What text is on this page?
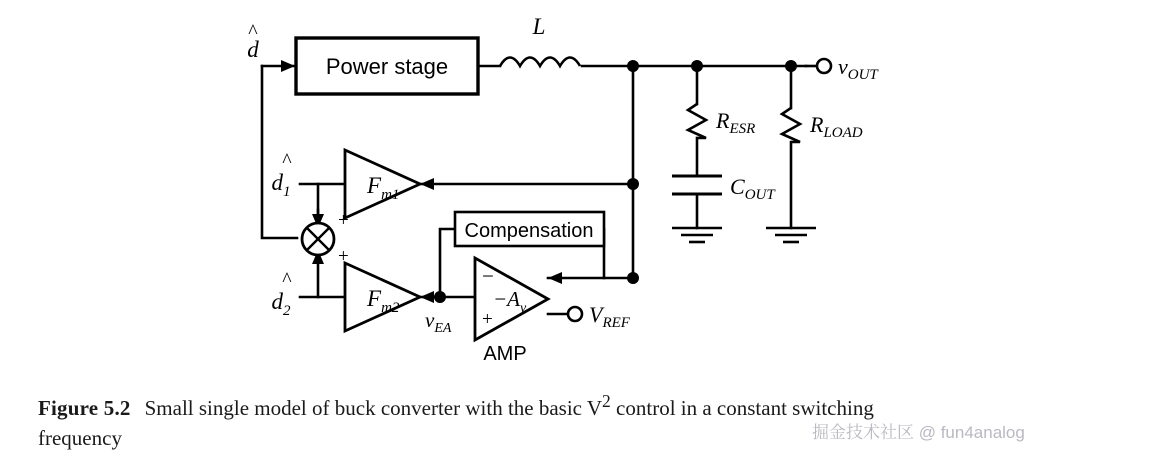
Power stage
L
$R_{ESR}$
$C_{OUT}$
$R_{LOAD}$
$F_{m1}$
$F_{m2}$
+
+
Compensation
$-A_v$
−
+
AMP
^
d
^
$d_1$
^
$d_2$
$v_{OUT}$
$v_{EA}$
$V_{REF}$
Figure 5.2 Small single model of buck converter with the basic $V^2$ control in a constant switching
frequency	掘金技术社区 @ fun4analog
